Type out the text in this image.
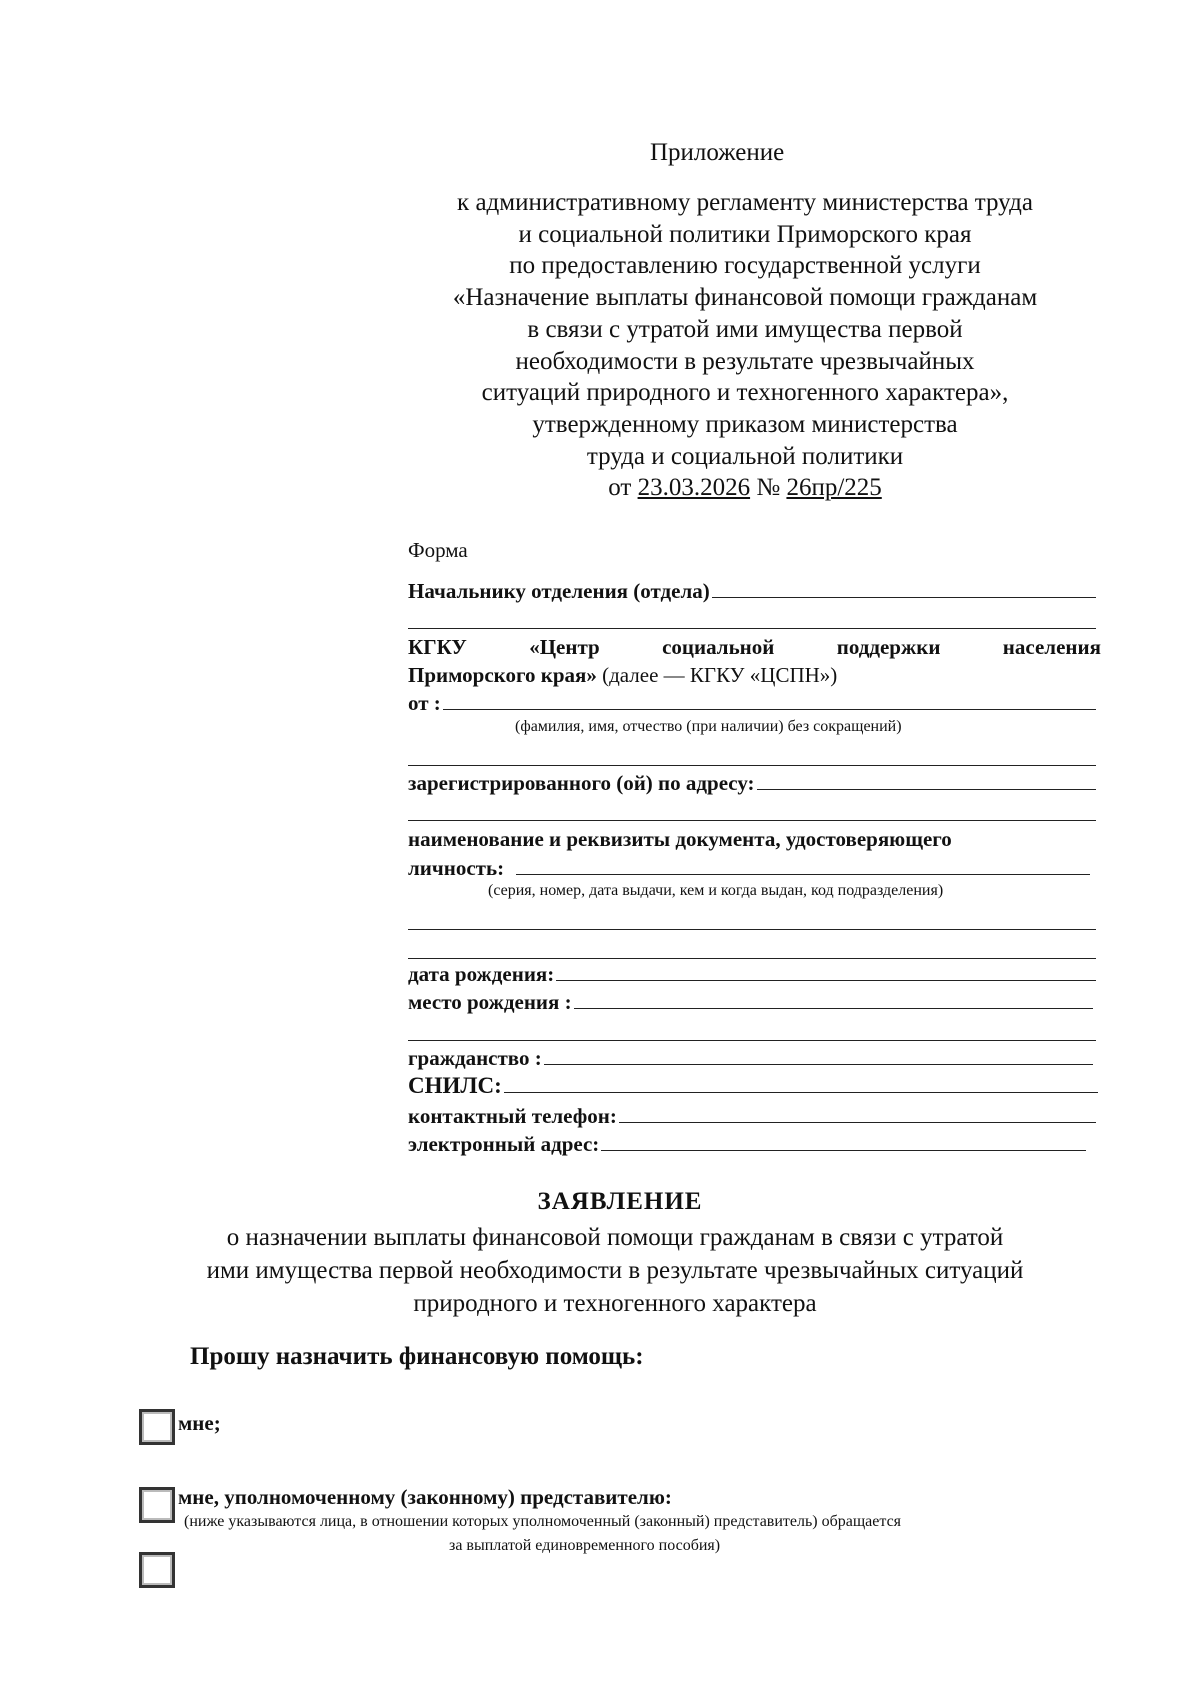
Приложение
к административному регламенту министерства труда
и социальной политики Приморского края
по предоставлению государственной услуги
«Назначение выплаты финансовой помощи гражданам
в связи с утратой ими имущества первой
необходимости в результате чрезвычайных
ситуаций природного и техногенного характера»,
утвержденному приказом министерства
труда и социальной политики
от 23.03.2026 № 26пр/225
Форма
Начальнику отделения (отдела)
КГКУ	«Центр	социальной	поддержки	населения
Приморского края» (далее — КГКУ «ЦСПН»)
от :
(фамилия, имя, отчество (при наличии) без сокращений)
зарегистрированного (ой) по адресу:
наименование и реквизиты документа, удостоверяющего
личность:
(серия, номер, дата выдачи, кем и когда выдан, код подразделения)
дата рождения:
место рождения :
гражданство :
СНИЛС:
контактный телефон:
электронный адрес:
ЗАЯВЛЕНИЕ
о назначении выплаты финансовой помощи гражданам в связи с утратой
ими имущества первой необходимости в результате чрезвычайных ситуаций
природного и техногенного характера
Прошу назначить финансовую помощь:
мне;
мне, уполномоченному (законному) представителю:
(ниже указываются лица, в отношении которых уполномоченный (законный) представитель) обращается
за выплатой единовременного пособия)
